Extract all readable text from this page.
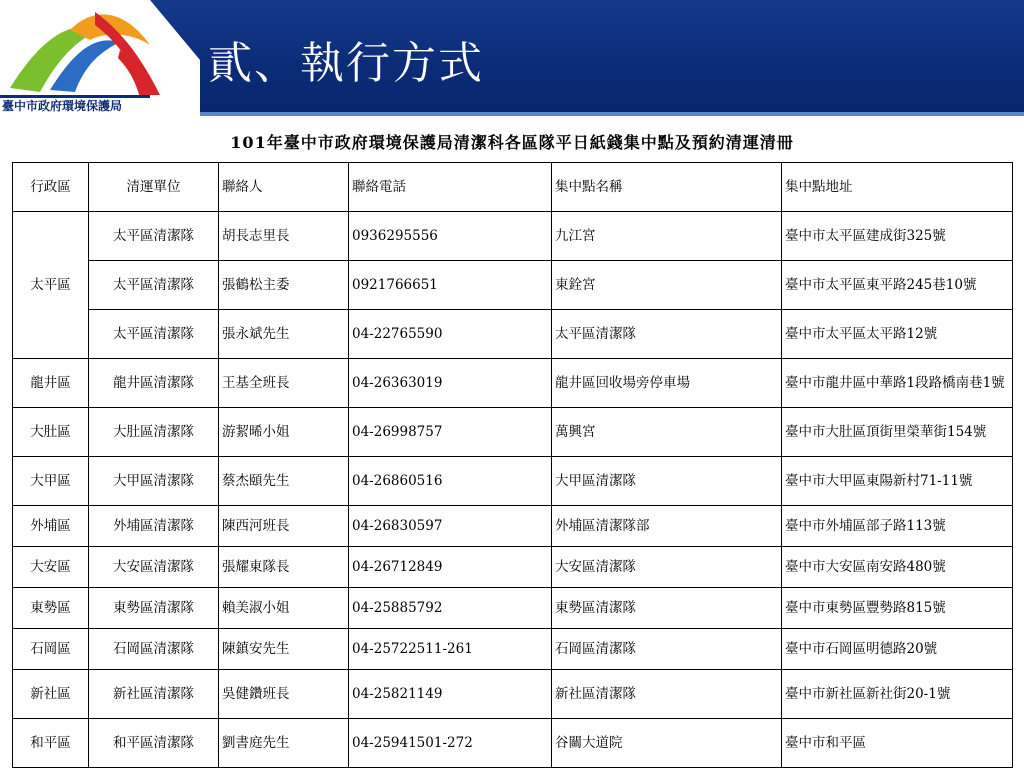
臺中市政府環境保護局
貳、執行方式
101年臺中市政府環境保護局清潔科各區隊平日紙錢集中點及預約清運清冊
行政區	清運單位	聯絡人	聯絡電話	集中點名稱	集中點地址
太平區	太平區清潔隊	胡長志里長	0936295556	九江宮	臺中市太平區建成街325號
	太平區清潔隊	張鶴松主委	0921766651	東銓宮	臺中市太平區東平路245巷10號
	太平區清潔隊	張永斌先生	04-22765590	太平區清潔隊	臺中市太平區太平路12號
龍井區	龍井區清潔隊	王基全班長	04-26363019	龍井區回收場旁停車場	臺中市龍井區中華路1段路橋南巷1號
大肚區	大肚區清潔隊	游絜晞小姐	04-26998757	萬興宮	臺中市大肚區頂街里榮華街154號
大甲區	大甲區清潔隊	蔡杰頤先生	04-26860516	大甲區清潔隊	臺中市大甲區東陽新村71-11號
外埔區	外埔區清潔隊	陳西河班長	04-26830597	外埔區清潔隊部	臺中市外埔區部子路113號
大安區	大安區清潔隊	張耀東隊長	04-26712849	大安區清潔隊	臺中市大安區南安路480號
東勢區	東勢區清潔隊	賴美淑小姐	04-25885792	東勢區清潔隊	臺中市東勢區豐勢路815號
石岡區	石岡區清潔隊	陳鎮安先生	04-25722511-261	石岡區清潔隊	臺中市石岡區明德路20號
新社區	新社區清潔隊	吳健鑽班長	04-25821149	新社區清潔隊	臺中市新社區新社街20-1號
和平區	和平區清潔隊	劉書庭先生	04-25941501-272	谷關大道院	臺中市和平區
